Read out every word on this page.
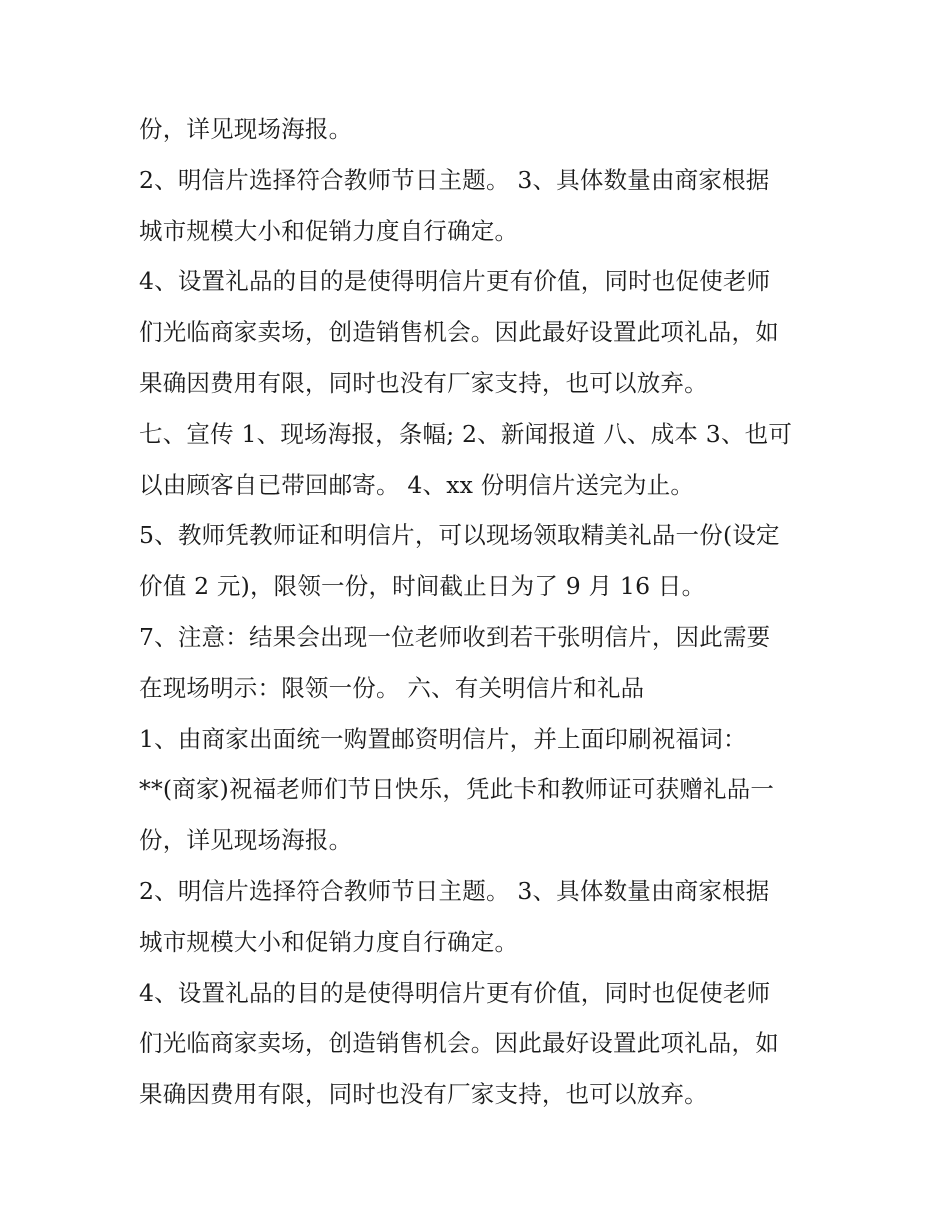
份，详见现场海报。
2、明信片选择符合教师节日主题。 3、具体数量由商家根据
城市规模大小和促销力度自行确定。
4、设置礼品的目的是使得明信片更有价值，同时也促使老师
们光临商家卖场，创造销售机会。因此最好设置此项礼品，如
果确因费用有限，同时也没有厂家支持，也可以放弃。
七、宣传 1、现场海报，条幅; 2、新闻报道 八、成本 3、也可
以由顾客自已带回邮寄。 4、xx 份明信片送完为止。
5、教师凭教师证和明信片，可以现场领取精美礼品一份(设定
价值 2 元)，限领一份，时间截止日为了 9 月 16 日。
7、注意：结果会出现一位老师收到若干张明信片，因此需要
在现场明示：限领一份。 六、有关明信片和礼品
1、由商家出面统一购置邮资明信片，并上面印刷祝福词：
**(商家)祝福老师们节日快乐，凭此卡和教师证可获赠礼品一
份，详见现场海报。
2、明信片选择符合教师节日主题。 3、具体数量由商家根据
城市规模大小和促销力度自行确定。
4、设置礼品的目的是使得明信片更有价值，同时也促使老师
们光临商家卖场，创造销售机会。因此最好设置此项礼品，如
果确因费用有限，同时也没有厂家支持，也可以放弃。
